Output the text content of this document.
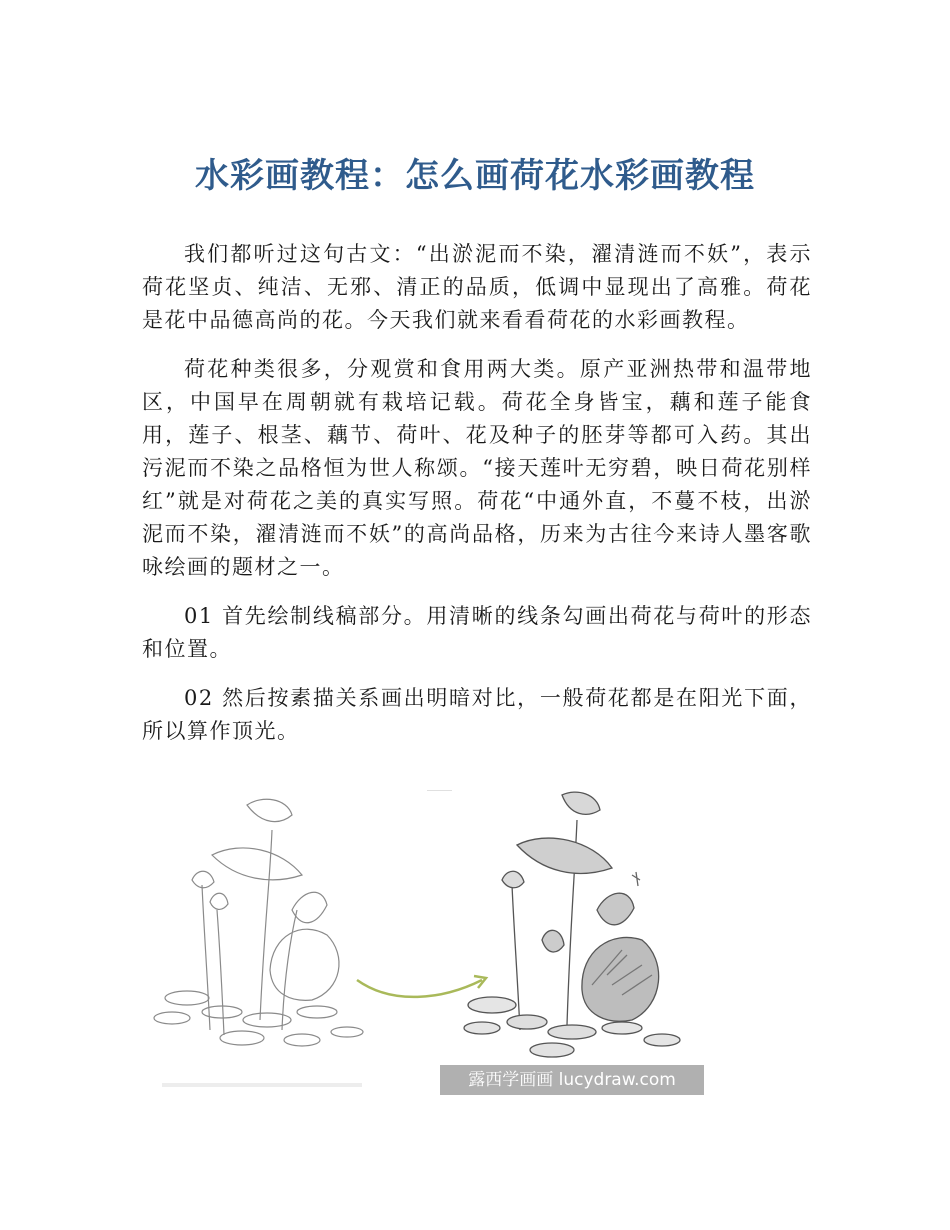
水彩画教程：怎么画荷花水彩画教程

我们都听过这句古文：“出淤泥而不染，濯清涟而不妖”，表示荷花坚贞、纯洁、无邪、清正的品质，低调中显现出了高雅。荷花是花中品德高尚的花。今天我们就来看看荷花的水彩画教程。

荷花种类很多，分观赏和食用两大类。原产亚洲热带和温带地区，中国早在周朝就有栽培记载。荷花全身皆宝，藕和莲子能食用，莲子、根茎、藕节、荷叶、花及种子的胚芽等都可入药。其出污泥而不染之品格恒为世人称颂。“接天莲叶无穷碧，映日荷花别样红”就是对荷花之美的真实写照。荷花“中通外直，不蔓不枝，出淤泥而不染，濯清涟而不妖”的高尚品格，历来为古往今来诗人墨客歌咏绘画的题材之一。

01 首先绘制线稿部分。用清晰的线条勾画出荷花与荷叶的形态和位置。

02 然后按素描关系画出明暗对比，一般荷花都是在阳光下面，所以算作顶光。

露西学画画 lucydraw.com
